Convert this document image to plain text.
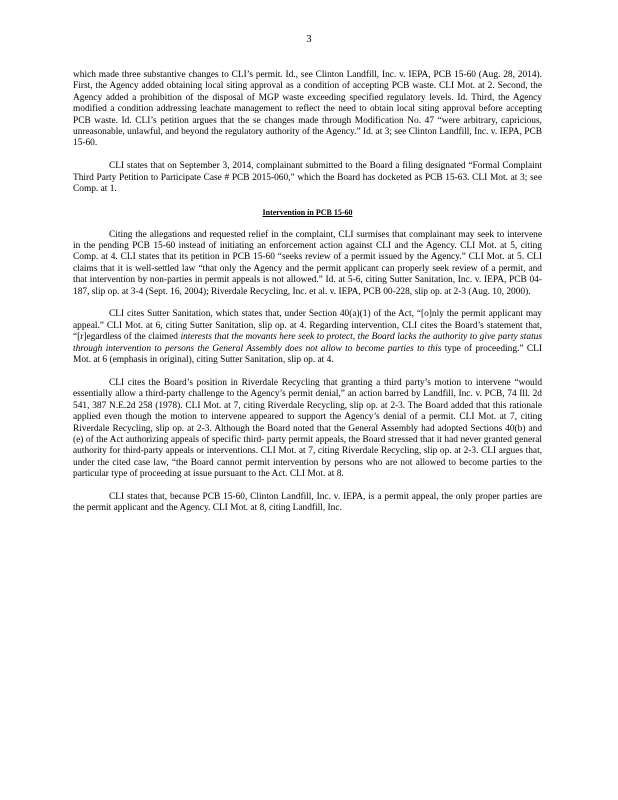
3

which made three substantive changes to CLI’s permit. Id., see Clinton Landfill, Inc. v. IEPA, PCB 15-60 (Aug. 28, 2014). First, the Agency added obtaining local siting approval as a condition of accepting PCB waste. CLI Mot. at 2. Second, the Agency added a prohibition of the disposal of MGP waste exceeding specified regulatory levels. Id. Third, the Agency modified a condition addressing leachate management to reflect the need to obtain local siting approval before accepting PCB waste. Id. CLI’s petition argues that the se changes made through Modification No. 47 “were arbitrary, capricious, unreasonable, unlawful, and beyond the regulatory authority of the Agency.” Id. at 3; see Clinton Landfill, Inc. v. IEPA, PCB 15-60.

CLI states that on September 3, 2014, complainant submitted to the Board a filing designated “Formal Complaint Third Party Petition to Participate Case # PCB 2015-060,” which the Board has docketed as PCB 15-63. CLI Mot. at 3; see Comp. at 1.

Intervention in PCB 15-60

Citing the allegations and requested relief in the complaint, CLI surmises that complainant may seek to intervene in the pending PCB 15-60 instead of initiating an enforcement action against CLI and the Agency. CLI Mot. at 5, citing Comp. at 4. CLI states that its petition in PCB 15-60 “seeks review of a permit issued by the Agency.” CLI Mot. at 5. CLI claims that it is well-settled law “that only the Agency and the permit applicant can properly seek review of a permit, and that intervention by non-parties in permit appeals is not allowed.” Id. at 5-6, citing Sutter Sanitation, Inc. v. IEPA, PCB 04-187, slip op. at 3-4 (Sept. 16, 2004); Riverdale Recycling, Inc. et al. v. IEPA, PCB 00-228, slip op. at 2-3 (Aug. 10, 2000).

CLI cites Sutter Sanitation, which states that, under Section 40(a)(1) of the Act, “[o]nly the permit applicant may appeal.” CLI Mot. at 6, citing Sutter Sanitation, slip op. at 4. Regarding intervention, CLI cites the Board’s statement that, “[r]egardless of the claimed interests that the movants here seek to protect, the Board lacks the authority to give party status through intervention to persons the General Assembly does not allow to become parties to this type of proceeding.” CLI Mot. at 6 (emphasis in original), citing Sutter Sanitation, slip op. at 4.

CLI cites the Board’s position in Riverdale Recycling that granting a third party’s motion to intervene “would essentially allow a third-party challenge to the Agency’s permit denial,” an action barred by Landfill, Inc. v. PCB, 74 Ill. 2d 541, 387 N.E.2d 258 (1978). CLI Mot. at 7, citing Riverdale Recycling, slip op. at 2-3. The Board added that this rationale applied even though the motion to intervene appeared to support the Agency’s denial of a permit. CLI Mot. at 7, citing Riverdale Recycling, slip op. at 2-3. Although the Board noted that the General Assembly had adopted Sections 40(b) and (e) of the Act authorizing appeals of specific third- party permit appeals, the Board stressed that it had never granted general authority for third-party appeals or interventions. CLI Mot. at 7, citing Riverdale Recycling, slip op. at 2-3. CLI argues that, under the cited case law, “the Board cannot permit intervention by persons who are not allowed to become parties to the particular type of proceeding at issue pursuant to the Act. CLI Mot. at 8.

CLI states that, because PCB 15-60, Clinton Landfill, Inc. v. IEPA, is a permit appeal, the only proper parties are the permit applicant and the Agency. CLI Mot. at 8, citing Landfill, Inc.
